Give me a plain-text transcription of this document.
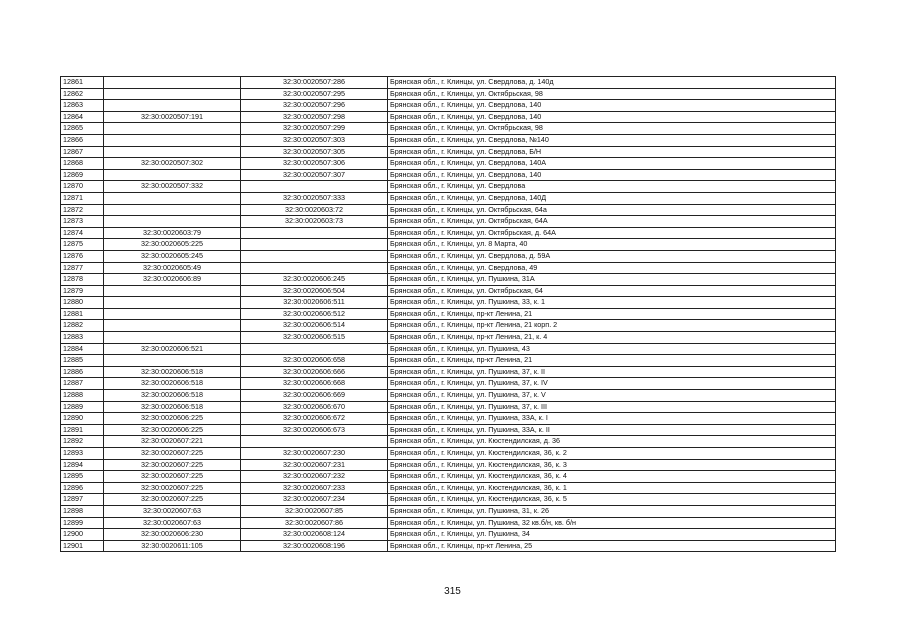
12861		32:30:0020507:286	Брянская обл., г. Клинцы, ул. Свердлова, д. 140д
12862		32:30:0020507:295	Брянская обл., г. Клинцы, ул. Октябрьская, 98
12863		32:30:0020507:296	Брянская обл., г. Клинцы, ул. Свердлова, 140
12864	32:30:0020507:191	32:30:0020507:298	Брянская обл., г. Клинцы, ул. Свердлова, 140
12865		32:30:0020507:299	Брянская обл., г. Клинцы, ул. Октябрьская, 98
12866		32:30:0020507:303	Брянская обл., г. Клинцы, ул. Свердлова, №140
12867		32:30:0020507:305	Брянская обл., г. Клинцы, ул. Свердлова, Б/Н
12868	32:30:0020507:302	32:30:0020507:306	Брянская обл., г. Клинцы, ул. Свердлова, 140А
12869		32:30:0020507:307	Брянская обл., г. Клинцы, ул. Свердлова, 140
12870	32:30:0020507:332		Брянская обл., г. Клинцы, ул. Свердлова
12871		32:30:0020507:333	Брянская обл., г. Клинцы, ул. Свердлова, 140Д
12872		32:30:0020603:72	Брянская обл., г. Клинцы, ул. Октябрьская, 64а
12873		32:30:0020603:73	Брянская обл., г. Клинцы, ул. Октябрьская, 64А
12874	32:30:0020603:79		Брянская обл., г. Клинцы, ул. Октябрьская, д. 64А
12875	32:30:0020605:225		Брянская обл., г. Клинцы, ул. 8 Марта, 40
12876	32:30:0020605:245		Брянская обл., г. Клинцы, ул. Свердлова, д. 59А
12877	32:30:0020605:49		Брянская обл., г. Клинцы, ул. Свердлова, 49
12878	32:30:0020606:89	32:30:0020606:245	Брянская обл., г. Клинцы, ул. Пушкина, 31А
12879		32:30:0020606:504	Брянская обл., г. Клинцы, ул. Октябрьская, 64
12880		32:30:0020606:511	Брянская обл., г. Клинцы, ул. Пушкина, 33, к. 1
12881		32:30:0020606:512	Брянская обл., г. Клинцы, пр-кт Ленина, 21
12882		32:30:0020606:514	Брянская обл., г. Клинцы, пр-кт Ленина, 21 корп. 2
12883		32:30:0020606:515	Брянская обл., г. Клинцы, пр-кт Ленина, 21, к. 4
12884	32:30:0020606:521		Брянская обл., г. Клинцы, ул. Пушкина, 43
12885		32:30:0020606:658	Брянская обл., г. Клинцы, пр-кт Ленина, 21
12886	32:30:0020606:518	32:30:0020606:666	Брянская обл., г. Клинцы, ул. Пушкина, 37, к. II
12887	32:30:0020606:518	32:30:0020606:668	Брянская обл., г. Клинцы, ул. Пушкина, 37, к. IV
12888	32:30:0020606:518	32:30:0020606:669	Брянская обл., г. Клинцы, ул. Пушкина, 37, к. V
12889	32:30:0020606:518	32:30:0020606:670	Брянская обл., г. Клинцы, ул. Пушкина, 37, к. III
12890	32:30:0020606:225	32:30:0020606:672	Брянская обл., г. Клинцы, ул. Пушкина, 33А, к. I
12891	32:30:0020606:225	32:30:0020606:673	Брянская обл., г. Клинцы, ул. Пушкина, 33А, к. II
12892	32:30:0020607:221		Брянская обл., г. Клинцы, ул. Кюстендилская, д. 36
12893	32:30:0020607:225	32:30:0020607:230	Брянская обл., г. Клинцы, ул. Кюстендилская, 36, к. 2
12894	32:30:0020607:225	32:30:0020607:231	Брянская обл., г. Клинцы, ул. Кюстендилская, 36, к. 3
12895	32:30:0020607:225	32:30:0020607:232	Брянская обл., г. Клинцы, ул. Кюстендилская, 36, к. 4
12896	32:30:0020607:225	32:30:0020607:233	Брянская обл., г. Клинцы, ул. Кюстендилская, 36, к. 1
12897	32:30:0020607:225	32:30:0020607:234	Брянская обл., г. Клинцы, ул. Кюстендилская, 36, к. 5
12898	32:30:0020607:63	32:30:0020607:85	Брянская обл., г. Клинцы, ул. Пушкина, 31, к. 26
12899	32:30:0020607:63	32:30:0020607:86	Брянская обл., г. Клинцы, ул. Пушкина, 32 кв.б/н, кв. б/н
12900	32:30:0020606:230	32:30:0020608:124	Брянская обл., г. Клинцы, ул. Пушкина, 34
12901	32:30:0020611:105	32:30:0020608:196	Брянская обл., г. Клинцы, пр-кт Ленина, 25
315
